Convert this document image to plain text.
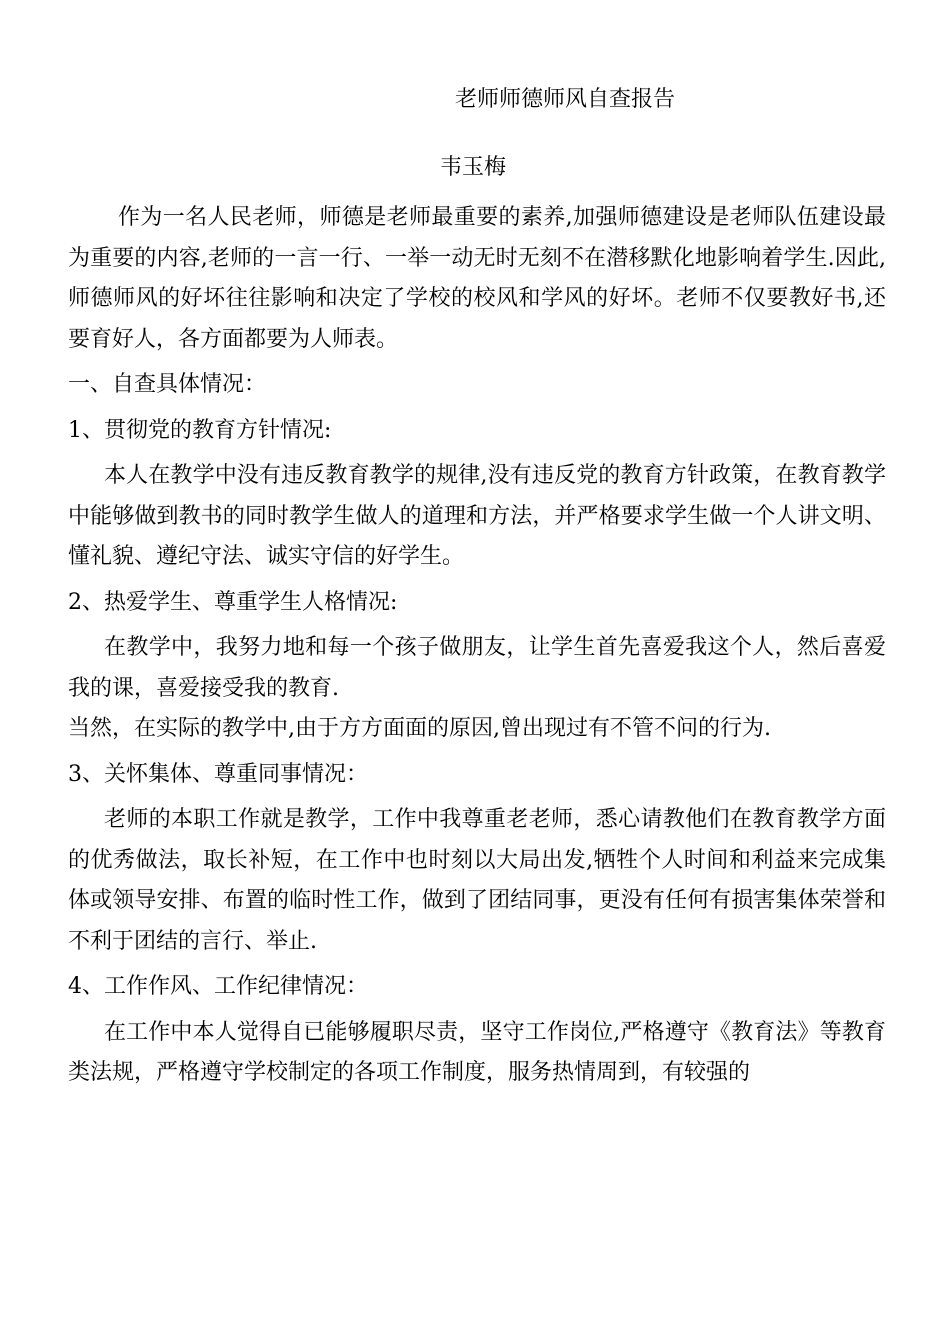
老师师德师风自查报告
韦玉梅

作为一名人民老师，师德是老师最重要的素养,加强师德建设是老师队伍建设最为重要的内容,老师的一言一行、一举一动无时无刻不在潜移默化地影响着学生.因此,师德师风的好坏往往影响和决定了学校的校风和学风的好坏。老师不仅要教好书,还要育好人，各方面都要为人师表。

一、自查具体情况：

1、贯彻党的教育方针情况:

本人在教学中没有违反教育教学的规律,没有违反党的教育方针政策，在教育教学中能够做到教书的同时教学生做人的道理和方法，并严格要求学生做一个人讲文明、懂礼貌、遵纪守法、诚实守信的好学生。

2、热爱学生、尊重学生人格情况:

在教学中，我努力地和每一个孩子做朋友，让学生首先喜爱我这个人，然后喜爱我的课，喜爱接受我的教育.

当然，在实际的教学中,由于方方面面的原因,曾出现过有不管不问的行为.

3、关怀集体、尊重同事情况：

老师的本职工作就是教学，工作中我尊重老老师，悉心请教他们在教育教学方面的优秀做法，取长补短，在工作中也时刻以大局出发,牺牲个人时间和利益来完成集体或领导安排、布置的临时性工作，做到了团结同事，更没有任何有损害集体荣誉和不利于团结的言行、举止.

4、工作作风、工作纪律情况：

在工作中本人觉得自已能够履职尽责，坚守工作岗位,严格遵守《教育法》等教育类法规，严格遵守学校制定的各项工作制度，服务热情周到，有较强的
